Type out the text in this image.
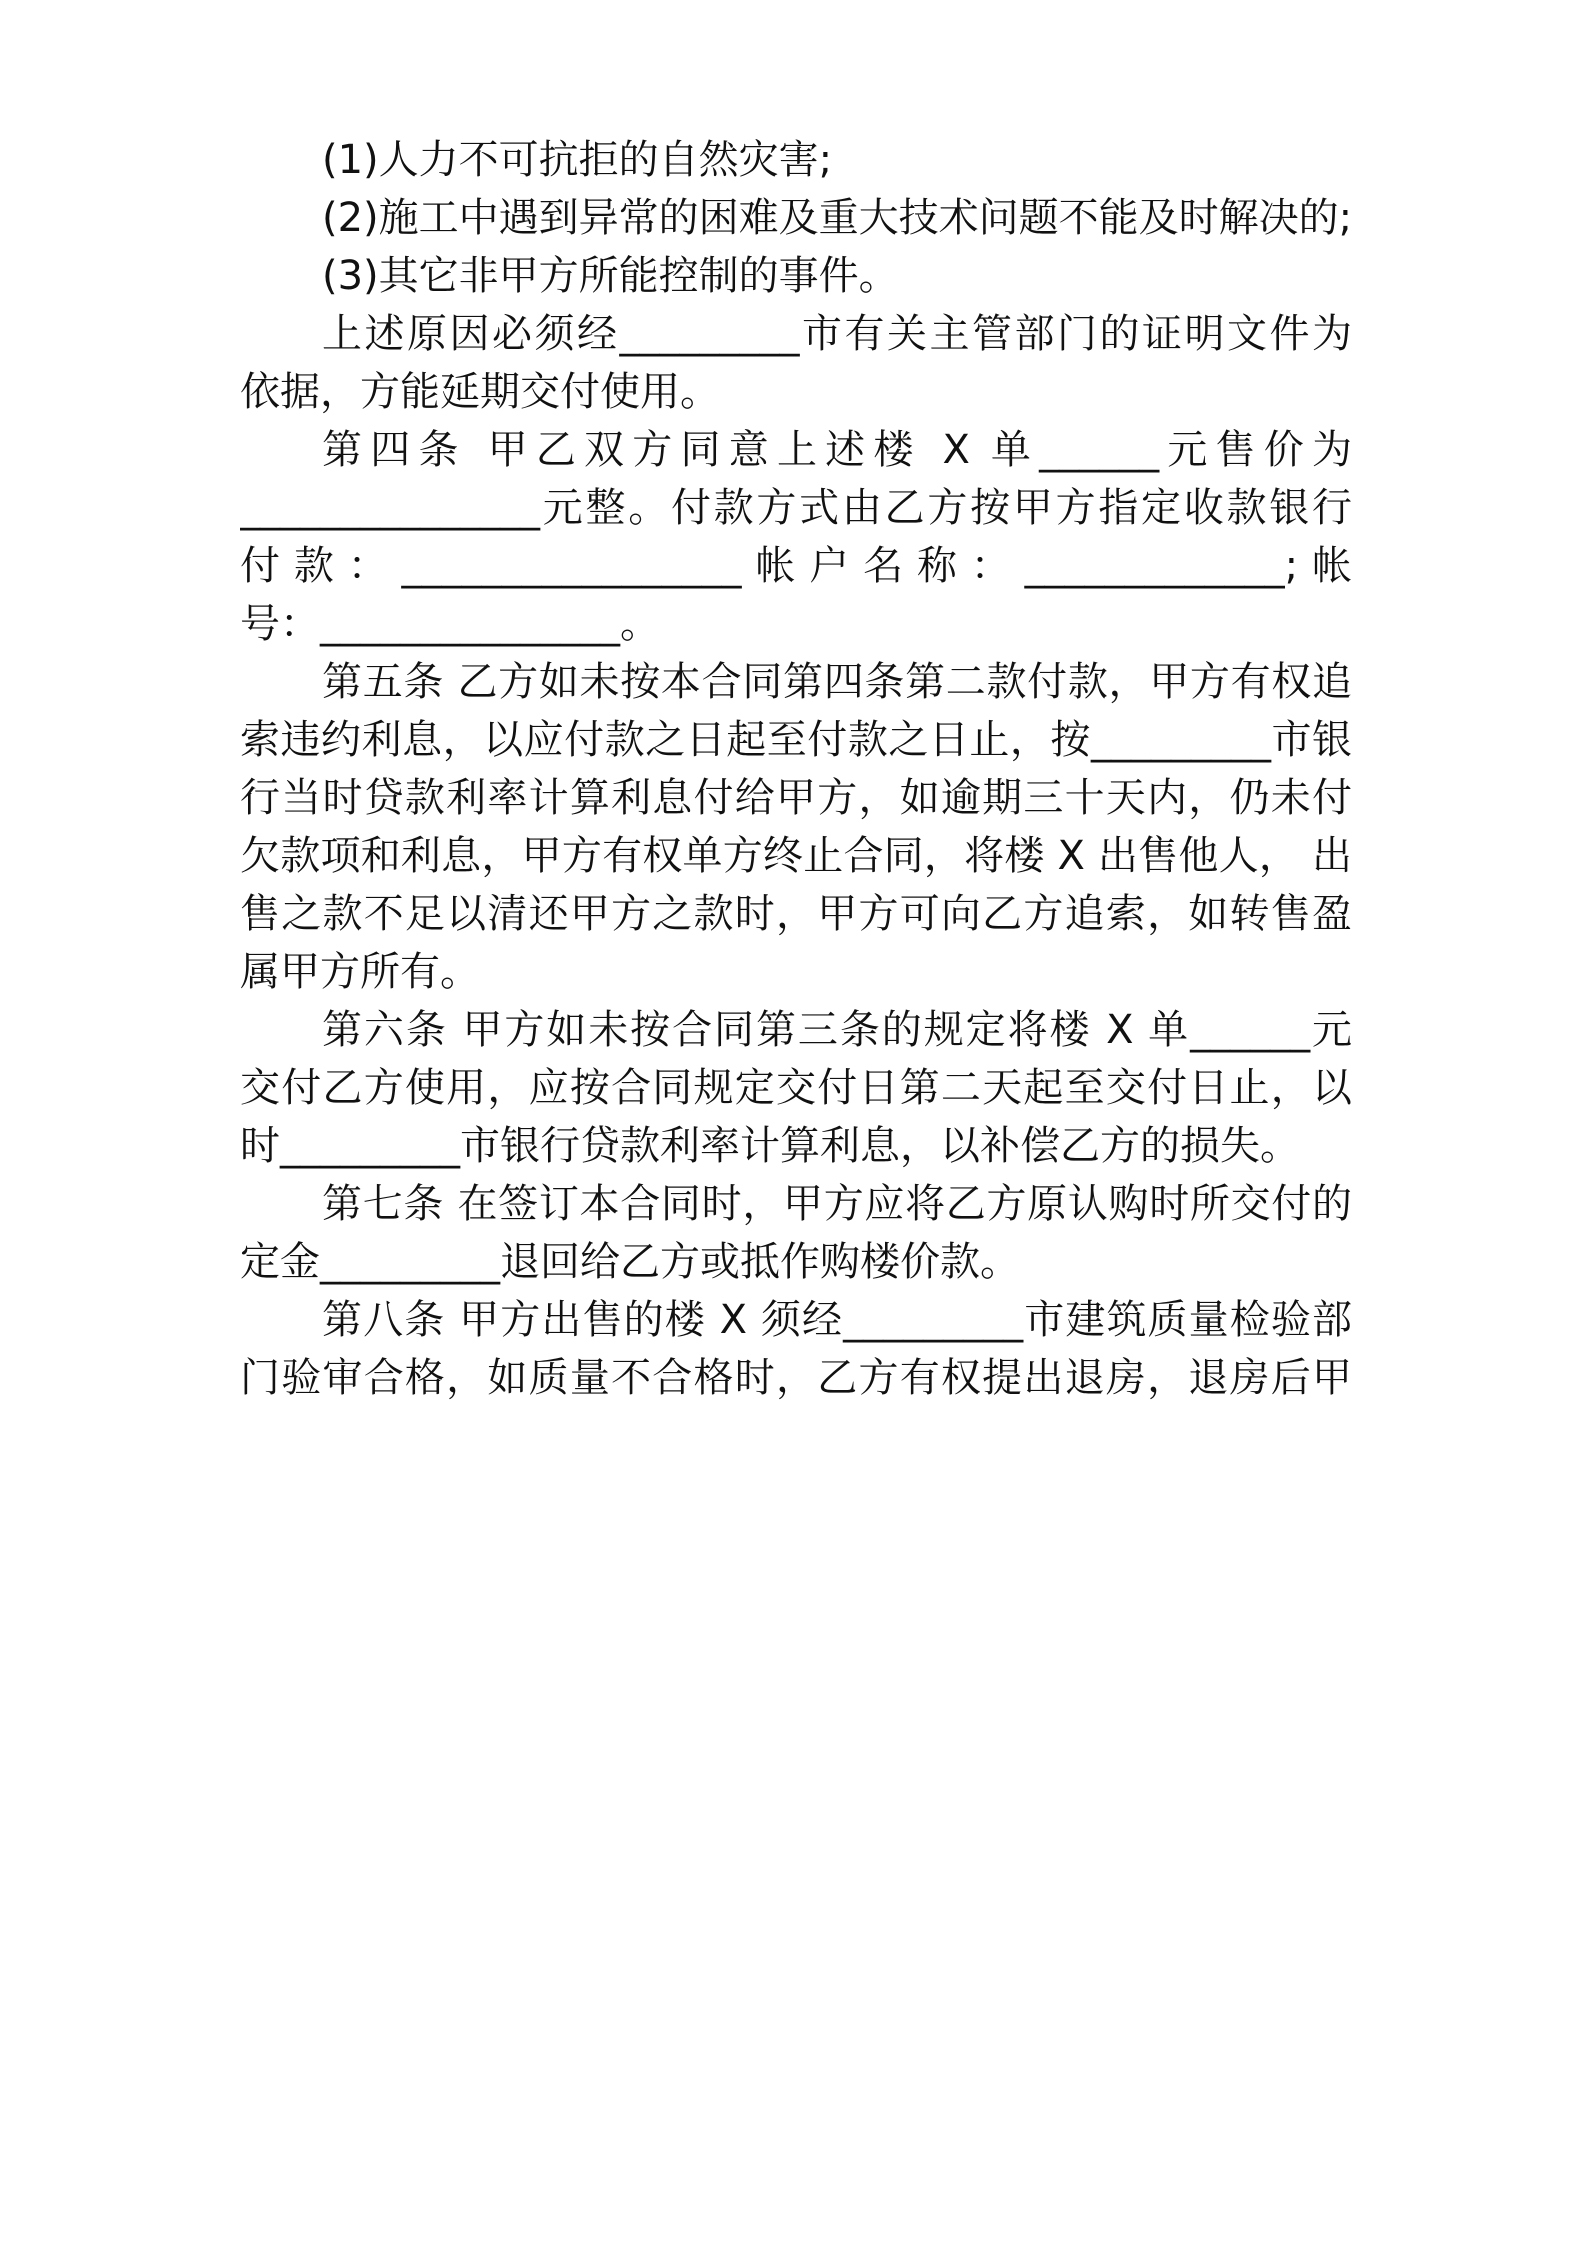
(1)人力不可抗拒的自然灾害;

(2)施工中遇到异常的困难及重大技术问题不能及时解决的;

(3)其它非甲方所能控制的事件。

上述原因必须经_________市有关主管部门的证明文件为

依据，方能延期交付使用。

第四条 甲乙双方同意上述楼 X 单______元售价为

_______________元整。付款方式由乙方按甲方指定收款银行

付款：_________________帐户名称：_____________;帐

号：_______________。

第五条 乙方如未按本合同第四条第二款付款，甲方有权追

索违约利息，以应付款之日起至付款之日止，按_________市银

行当时贷款利率计算利息付给甲方，如逾期三十天内，仍未付

欠款项和利息，甲方有权单方终止合同，将楼 X 出售他人， 出

售之款不足以清还甲方之款时，甲方可向乙方追索，如转售盈

属甲方所有。

第六条 甲方如未按合同第三条的规定将楼 X 单______元

交付乙方使用，应按合同规定交付日第二天起至交付日止，以

时_________市银行贷款利率计算利息，以补偿乙方的损失。

第七条 在签订本合同时，甲方应将乙方原认购时所交付的

定金_________退回给乙方或抵作购楼价款。

第八条 甲方出售的楼 X 须经_________市建筑质量检验部

门验审合格，如质量不合格时，乙方有权提出退房，退房后甲
